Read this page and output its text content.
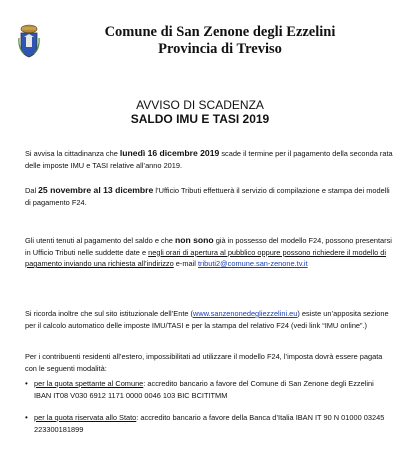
Comune di San Zenone degli Ezzelini
Provincia di Treviso
AVVISO DI SCADENZA
SALDO IMU E TASI 2019
Si avvisa la cittadinanza che lunedì 16 dicembre 2019 scade il termine per il pagamento della seconda rata delle imposte IMU e TASI relative all’anno 2019.
Dal 25 novembre al 13 dicembre l’Ufficio Tributi effettuerà il servizio di compilazione e stampa dei modelli di pagamento F24.
Gli utenti tenuti al pagamento del saldo e che non sono già in possesso del modello F24, possono presentarsi in Ufficio Tributi nelle suddette date e negli orari di apertura al pubblico oppure possono richiedere il modello di pagamento inviando una richiesta all’indirizzo e-mail tributi2@comune.san-zenone.tv.it
Si ricorda inoltre che sul sito istituzionale dell’Ente (www.sanzenonedegliezzelini.eu) esiste un’apposita sezione per il calcolo automatico delle imposte IMU/TASI e per la stampa del relativo F24 (vedi link “IMU online”.)
Per i contribuenti residenti all’estero, impossibilitati ad utilizzare il modello F24, l’imposta dovrà essere pagata con le seguenti modalità:
• per la quota spettante al Comune: accredito bancario a favore del Comune di San Zenone degli Ezzelini IBAN IT08 V030 6912 1171 0000 0046 103 BIC BCITITMM
• per la quota riservata allo Stato: accredito bancario a favore della Banca d’Italia IBAN IT 90 N 01000 03245 223300181899
